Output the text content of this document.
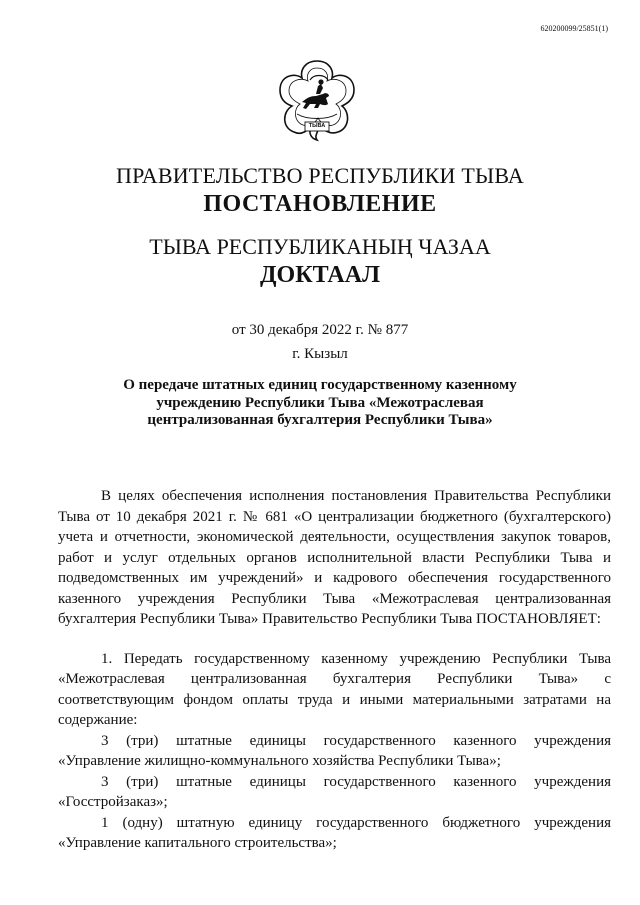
620200099/25851(1)
ТЫВА
ПРАВИТЕЛЬСТВО РЕСПУБЛИКИ ТЫВА
ПОСТАНОВЛЕНИЕ
ТЫВА РЕСПУБЛИКАНЫҢ ЧАЗАА
ДОКТААЛ
от 30 декабря 2022 г. № 877
г. Кызыл
О передаче штатных единиц государственному казенному учреждению Республики Тыва «Межотраслевая централизованная бухгалтерия Республики Тыва»

В целях обеспечения исполнения постановления Правительства Республики Тыва от 10 декабря 2021 г. № 681 «О централизации бюджетного (бухгалтерского) учета и отчетности, экономической деятельности, осуществления закупок товаров, работ и услуг отдельных органов исполнительной власти Республики Тыва и подведомственных им учреждений» и кадрового обеспечения государственного казенного учреждения Республики Тыва «Межотраслевая централизованная бухгалтерия Республики Тыва» Правительство Республики Тыва ПОСТАНОВЛЯЕТ:

1. Передать государственному казенному учреждению Республики Тыва «Межотраслевая централизованная бухгалтерия Республики Тыва» с соответствующим фондом оплаты труда и иными материальными затратами на содержание:

3 (три) штатные единицы государственного казенного учреждения «Управление жилищно-коммунального хозяйства Республики Тыва»;

3 (три) штатные единицы государственного казенного учреждения «Госстройзаказ»;

1 (одну) штатную единицу государственного бюджетного учреждения «Управление капитального строительства»;
